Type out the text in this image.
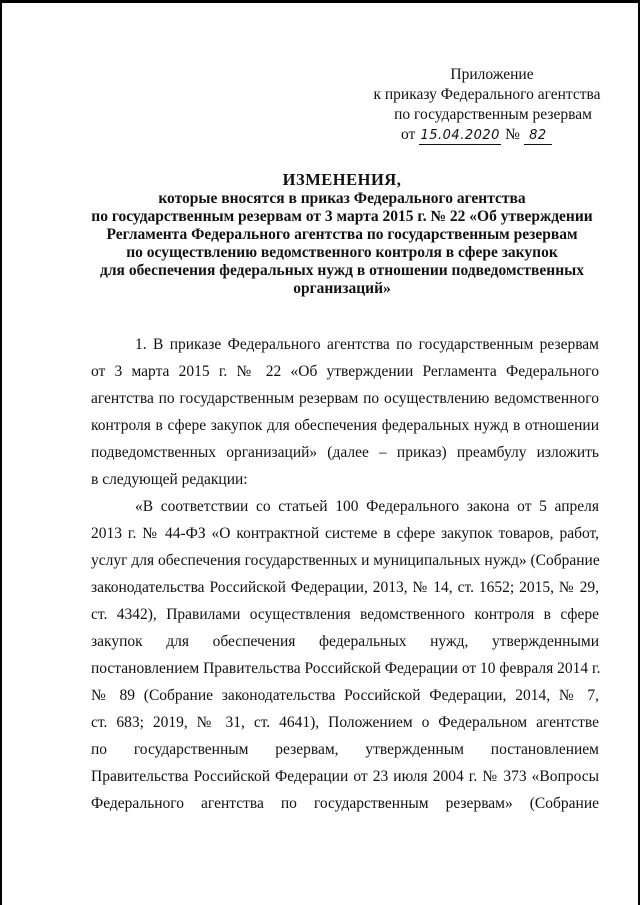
Приложение
к приказу Федерального агентства
по государственным резервам
от 15.04.2020 № 82
ИЗМЕНЕНИЯ,
которые вносятся в приказ Федерального агентства
по государственным резервам от 3 марта 2015 г. № 22 «Об утверждении
Регламента Федерального агентства по государственным резервам
по осуществлению ведомственного контроля в сфере закупок
для обеспечения федеральных нужд в отношении подведомственных
организаций»
1. В приказе Федерального агентства по государственным резервам
от 3 марта 2015 г. № 22 «Об утверждении Регламента Федерального
агентства по государственным резервам по осуществлению ведомственного
контроля в сфере закупок для обеспечения федеральных нужд в отношении
подведомственных организаций» (далее – приказ) преамбулу изложить
в следующей редакции:
«В соответствии со статьей 100 Федерального закона от 5 апреля
2013 г. № 44-ФЗ «О контрактной системе в сфере закупок товаров, работ,
услуг для обеспечения государственных и муниципальных нужд» (Собрание
законодательства Российской Федерации, 2013, № 14, ст. 1652; 2015, № 29,
ст. 4342), Правилами осуществления ведомственного контроля в сфере
закупок для обеспечения федеральных нужд, утвержденными
постановлением Правительства Российской Федерации от 10 февраля 2014 г.
№ 89 (Собрание законодательства Российской Федерации, 2014, № 7,
ст. 683; 2019, № 31, ст. 4641), Положением о Федеральном агентстве
по государственным резервам, утвержденным постановлением
Правительства Российской Федерации от 23 июля 2004 г. № 373 «Вопросы
Федерального агентства по государственным резервам» (Собрание
